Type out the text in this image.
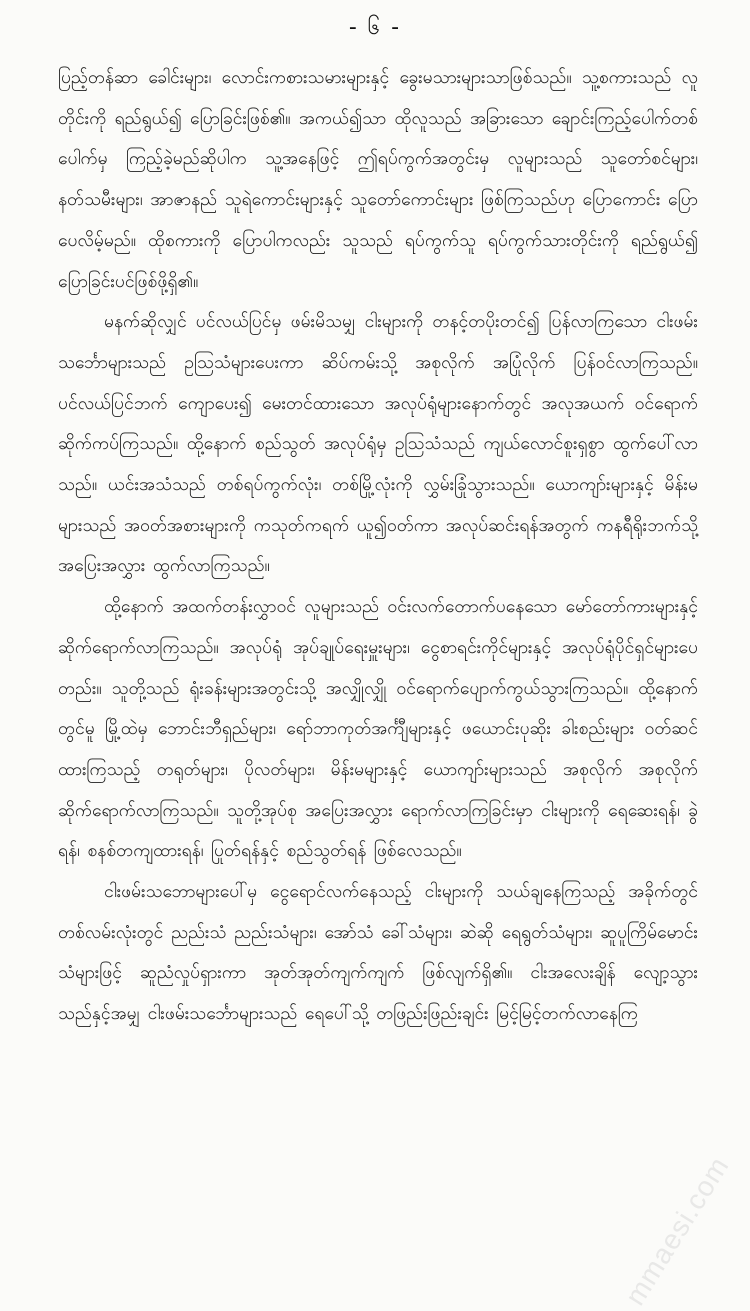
- ၆ -

ပြည့်တန်ဆာ ခေါင်းများ၊ လောင်းကစားသမားများနှင့် ခွေးမသားများသာဖြစ်သည်။ သူ့စကားသည် လူတိုင်းကို ရည်ရွယ်၍ ပြောခြင်းဖြစ်၏။ အကယ်၍သာ ထိုလူသည် အခြားသော ချောင်းကြည့်ပေါက်တစ်ပေါက်မှ ကြည့်ခဲ့မည်ဆိုပါက သူ့အနေဖြင့် ဤရပ်ကွက်အတွင်းမှ လူများသည် သူတော်စင်များ၊ နတ်သမီးများ၊ အာဇာနည် သူရဲကောင်းများနှင့် သူတော်ကောင်းများ ဖြစ်ကြသည်ဟု ပြောကောင်း ပြောပေလိမ့်မည်။ ထိုစကားကို ပြောပါကလည်း သူသည် ရပ်ကွက်သူ ရပ်ကွက်သားတိုင်းကို ရည်ရွယ်၍ ပြောခြင်းပင်ဖြစ်ဖို့ရှိ၏။

မနက်ဆိုလျှင် ပင်လယ်ပြင်မှ ဖမ်းမိသမျှ ငါးများကို တနင့်တပိုးတင်၍ ပြန်လာကြသော ငါးဖမ်းသင်္ဘောများသည် ဥသြသံများပေးကာ ဆိပ်ကမ်းသို့ အစုလိုက် အပြုံလိုက် ပြန်ဝင်လာကြသည်။ ပင်လယ်ပြင်ဘက် ကျောပေး၍ မေးတင်ထားသော အလုပ်ရုံများနောက်တွင် အလုအယက် ဝင်ရောက်ဆိုက်ကပ်ကြသည်။ ထို့နောက် စည်သွတ် အလုပ်ရုံမှ ဥသြသံသည် ကျယ်လောင်စူးရှစွာ ထွက်ပေါ်လာသည်။ ယင်းအသံသည် တစ်ရပ်ကွက်လုံး၊ တစ်မြို့လုံးကို လွှမ်းခြုံသွားသည်။ ယောကျာ်းများနှင့် မိန်းမများသည် အဝတ်အစားများကို ကသုတ်ကရက် ယူ၍ဝတ်ကာ အလုပ်ဆင်းရန်အတွက် ကနရီရိုးဘက်သို့ အပြေးအလွှား ထွက်လာကြသည်။

ထို့နောက် အထက်တန်းလွှာဝင် လူများသည် ဝင်းလက်တောက်ပနေသော မော်တော်ကားများနှင့် ဆိုက်ရောက်လာကြသည်။ အလုပ်ရုံ အုပ်ချုပ်ရေးမှူးများ၊ ငွေစာရင်းကိုင်များနှင့် အလုပ်ရုံပိုင်ရှင်များပေတည်း။ သူတို့သည် ရုံးခန်းများအတွင်းသို့ အလျှိုလျှို ဝင်ရောက်ပျောက်ကွယ်သွားကြသည်။ ထို့နောက်တွင်မူ မြို့ထဲမှ ဘောင်းဘီရှည်များ၊ ရော်ဘာကုတ်အင်္ကျီများနှင့် ဖယောင်းပုဆိုး ခါးစည်းများ ဝတ်ဆင်ထားကြသည့် တရုတ်များ၊ ပိုလတ်များ၊ မိန်းမများနှင့် ယောကျာ်းများသည် အစုလိုက် အစုလိုက် ဆိုက်ရောက်လာကြသည်။ သူတို့အုပ်စု အပြေးအလွှား ရောက်လာကြခြင်းမှာ ငါးများကို ရေဆေးရန်၊ ခွဲရန်၊ စနစ်တကျထားရန်၊ ပြုတ်ရန်နှင့် စည်သွတ်ရန် ဖြစ်လေသည်။

ငါးဖမ်းသဘောများပေါ်မှ ငွေရောင်လက်နေသည့် ငါးများကို သယ်ချနေကြသည့် အခိုက်တွင် တစ်လမ်းလုံးတွင် ညည်းသံ ညည်းသံများ၊ အော်သံ ခေါ်သံများ၊ ဆဲဆို ရေရွတ်သံများ၊ ဆူပူကြိမ်မောင်းသံများဖြင့် ဆူညံလှုပ်ရှားကာ အုတ်အုတ်ကျက်ကျက် ဖြစ်လျက်ရှိ၏။ ငါးအလေးချိန် လျော့သွားသည်နှင့်အမျှ ငါးဖမ်းသင်္ဘောများသည် ရေပေါ်သို့ တဖြည်းဖြည်းချင်း မြင့်မြင့်တက်လာနေကြ

mmaesi.com
